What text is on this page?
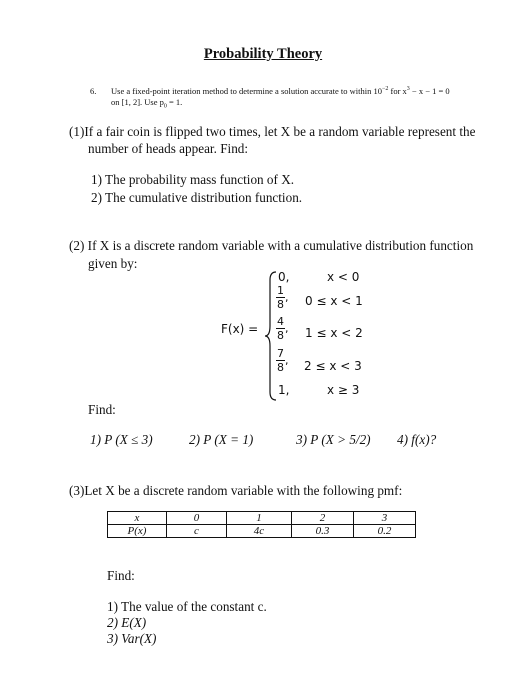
Probability Theory
6. Use a fixed-point iteration method to determine a solution accurate to within $10^{-2}$ for $x^3 - x - 1 = 0$
on [1, 2]. Use $p_0 = 1$.
(1)If a fair coin is flipped two times, let X be a random variable represent the
number of heads appear. Find:
1) The probability mass function of X.
2) The cumulative distribution function.
(2) If X is a discrete random variable with a cumulative distribution function
given by:
F(x) =
0,	x < 0
$\frac{1}{8}$ , 0 ≤ x < 1
$\frac{4}{8}$ , 1 ≤ x < 2
$\frac{7}{8}$ , 2 ≤ x < 3
1,	x ≥ 3
Find:
1) P (X ≤ 3)	2) P (X = 1)	3) P (X > 5/2) 4) f(x)?
(3)Let X be a discrete random variable with the following pmf:
x	0	1	2	3
P(x)	c	4c	0.3	0.2
Find:
1) The value of the constant c.
2) E(X)
3) Var(X)
